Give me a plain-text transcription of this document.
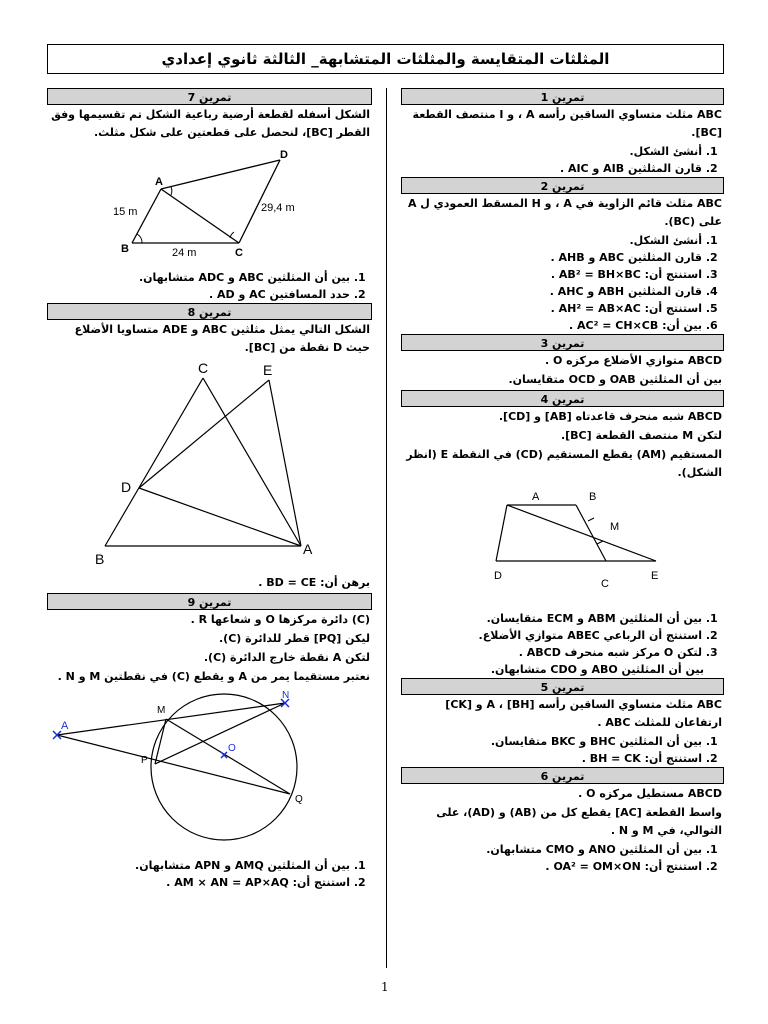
المثلثات المتقايسة والمثلثات المتشابهة_ الثالثة ثانوي إعدادي
تمرين 1
ABC مثلث متساوي الساقين رأسه A ، و I منتصف القطعة [BC].
1. أنشئ الشكل.
2. قارن المثلثين AIB و AIC .
تمرين 2
ABC مثلث قائم الزاوية في A ، و H المسقط العمودي ل A على (BC).
1. أنشئ الشكل.
2. قارن المثلثين ABC و AHB .
3. استنتج أن: AB² = BH×BC .
4. قارن المثلثين ABH و AHC .
5. استنتج أن: AH² = AB×AC .
6. بين أن: AC² = CH×CB .
تمرين 3
ABCD متوازي الأضلاع مركزه O .
بين أن المثلثين OAB و OCD متقايسان.
تمرين 4
ABCD شبه منحرف قاعدتاه [AB] و [CD].
لتكن M منتصف القطعة [BC].
المستقيم (AM) يقطع المستقيم (CD) في النقطة E (انظر الشكل).
A	B
M
D
C
E
1. بين أن المثلثين ABM و ECM متقايسان.
2. استنتج أن الرباعي ABEC متوازي الأضلاع.
3. لتكن O مركز شبه منحرف ABCD .
بين أن المثلثين ABO و CDO متشابهان.
تمرين 5
ABC مثلث متساوي الساقين رأسه A ، [BH] و [CK] ارتفاعان للمثلث ABC .
1. بين أن المثلثين BHC و BKC متقايسان.
2. استنتج أن: BH = CK .
تمرين 6
ABCD مستطيل مركزه O .
واسط القطعة [AC] يقطع كل من (AB) و (AD)، على التوالي، في M و N .
1. بين أن المثلثين ANO و CMO متشابهان.
2. استنتج أن: OA² = OM×ON .
تمرين 7
الشكل أسفله لقطعة أرضية رباعية الشكل تم تقسيمها وفق القطر [BC]، لنحصل على قطعتين على شكل مثلث.
A
B	C
D
15 m
24 m
29,4 m
1. بين أن المثلثين ABC و ADC متشابهان.
2. حدد المسافتين AC و AD .
تمرين 8
الشكل التالي يمثل مثلثين ABC و ADE متساويا الأضلاع حيث D نقطة من [BC].
C	E
D
B
A
برهن أن: BD = CE .
تمرين 9
(C) دائرة مركزها O و شعاعها R .
ليكن [PQ] قطر للدائرة (C).
لتكن A نقطة خارج الدائرة (C).
نعتبر مستقيما يمر من A و يقطع (C) في نقطتين M و N .
A
M
N
P
O
Q
1. بين أن المثلثين AMQ و APN متشابهان.
2. استنتج أن: AM × AN = AP×AQ .
1
